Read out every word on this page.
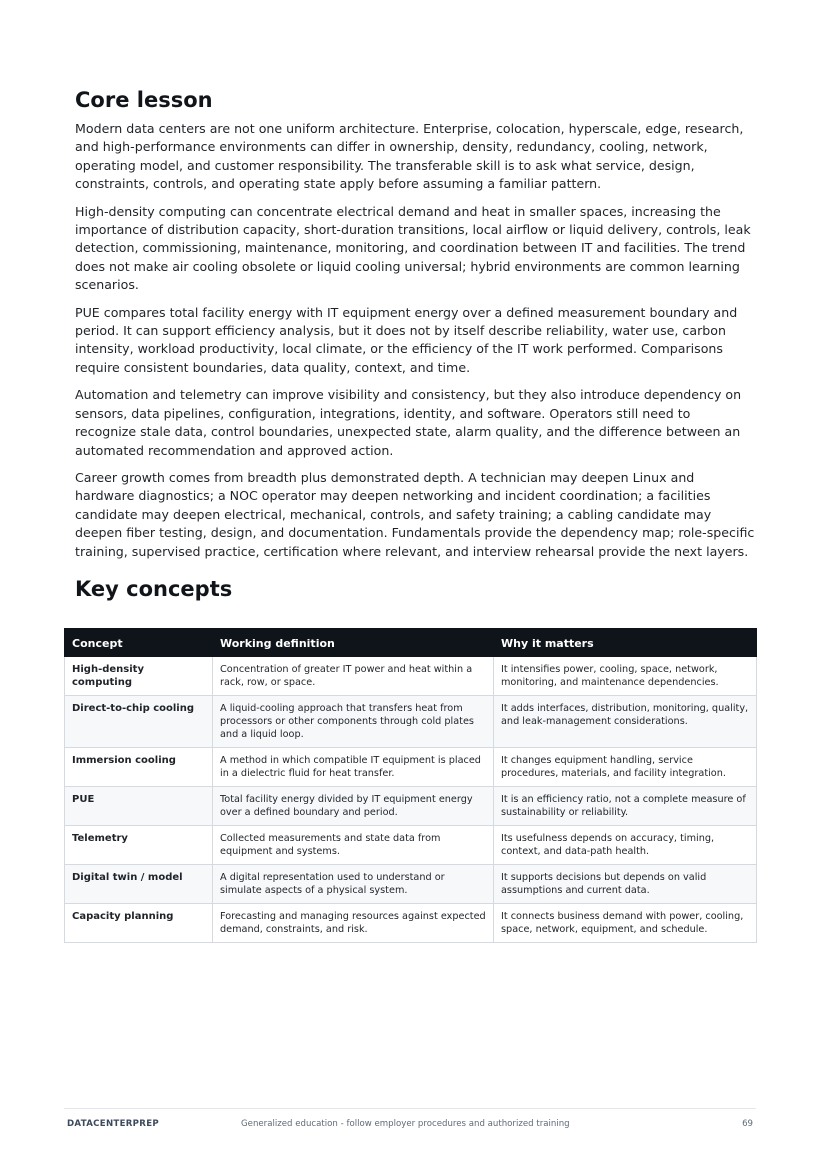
Core lesson

Modern data centers are not one uniform architecture. Enterprise, colocation, hyperscale, edge, research, and high-performance environments can differ in ownership, density, redundancy, cooling, network, operating model, and customer responsibility. The transferable skill is to ask what service, design, constraints, controls, and operating state apply before assuming a familiar pattern.

High-density computing can concentrate electrical demand and heat in smaller spaces, increasing the importance of distribution capacity, short-duration transitions, local airflow or liquid delivery, controls, leak detection, commissioning, maintenance, monitoring, and coordination between IT and facilities. The trend does not make air cooling obsolete or liquid cooling universal; hybrid environments are common learning scenarios.

PUE compares total facility energy with IT equipment energy over a defined measurement boundary and period. It can support efficiency analysis, but it does not by itself describe reliability, water use, carbon intensity, workload productivity, local climate, or the efficiency of the IT work performed. Comparisons require consistent boundaries, data quality, context, and time.

Automation and telemetry can improve visibility and consistency, but they also introduce dependency on sensors, data pipelines, configuration, integrations, identity, and software. Operators still need to recognize stale data, control boundaries, unexpected state, alarm quality, and the difference between an automated recommendation and approved action.

Career growth comes from breadth plus demonstrated depth. A technician may deepen Linux and hardware diagnostics; a NOC operator may deepen networking and incident coordination; a facilities candidate may deepen electrical, mechanical, controls, and safety training; a cabling candidate may deepen fiber testing, design, and documentation. Fundamentals provide the dependency map; role-specific training, supervised practice, certification where relevant, and interview rehearsal provide the next layers.

Key concepts
Concept	Working definition	Why it matters
High-density computing	Concentration of greater IT power and heat within a rack, row, or space.	It intensifies power, cooling, space, network, monitoring, and maintenance dependencies.
Direct-to-chip cooling	A liquid-cooling approach that transfers heat from processors or other components through cold plates and a liquid loop.	It adds interfaces, distribution, monitoring, quality, and leak-management considerations.
Immersion cooling	A method in which compatible IT equipment is placed in a dielectric fluid for heat transfer.	It changes equipment handling, service procedures, materials, and facility integration.
PUE	Total facility energy divided by IT equipment energy over a defined boundary and period.	It is an efficiency ratio, not a complete measure of sustainability or reliability.
Telemetry	Collected measurements and state data from equipment and systems.	Its usefulness depends on accuracy, timing, context, and data-path health.
Digital twin / model	A digital representation used to understand or simulate aspects of a physical system.	It supports decisions but depends on valid assumptions and current data.
Capacity planning	Forecasting and managing resources against expected demand, constraints, and risk.	It connects business demand with power, cooling, space, network, equipment, and schedule.
DATACENTERPREP	Generalized education - follow employer procedures and authorized training	69
